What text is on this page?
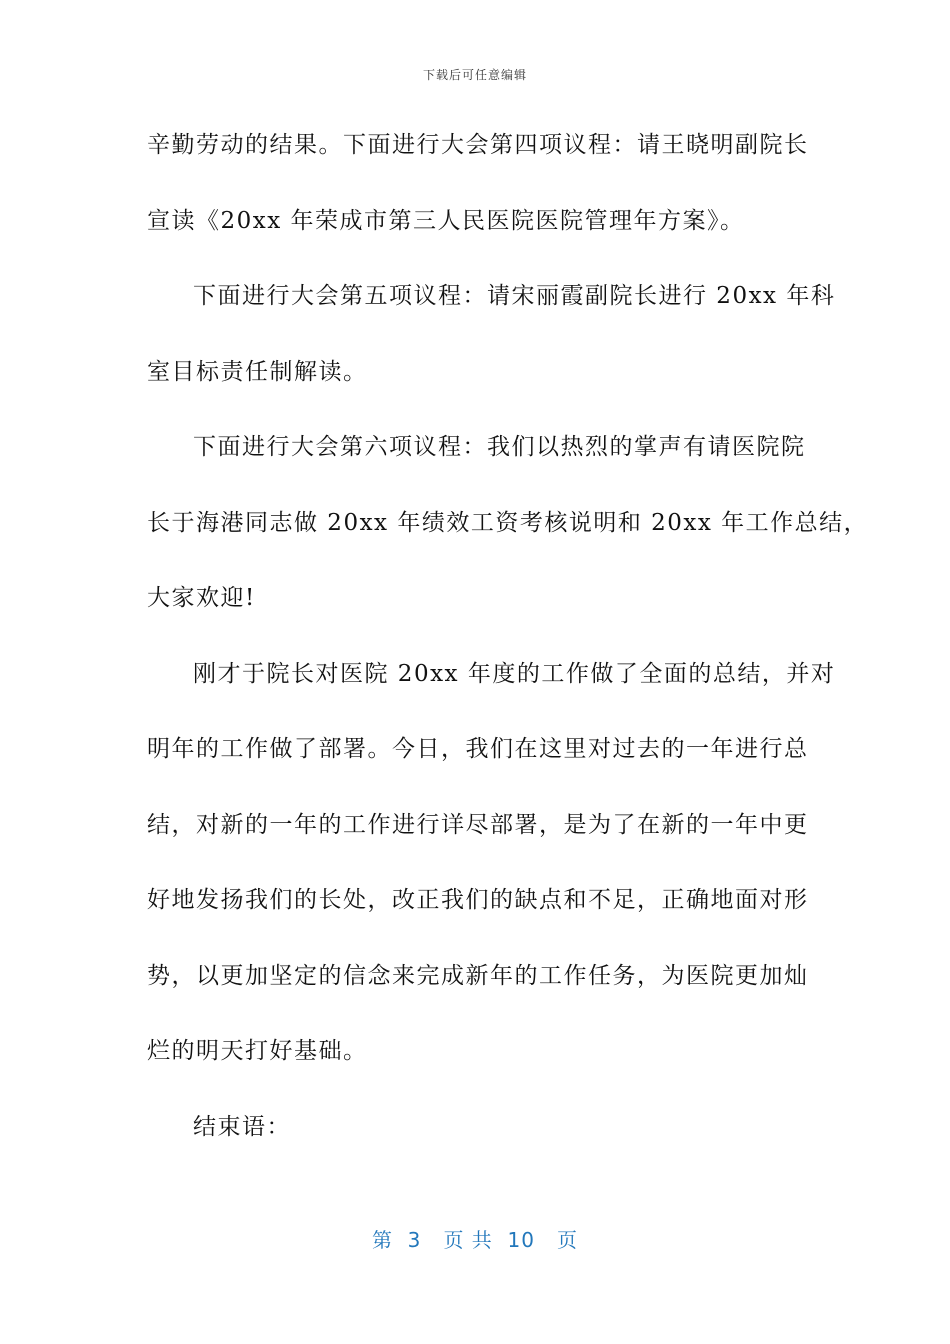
下载后可任意编辑
辛勤劳动的结果。下面进行大会第四项议程：请王晓明副院长
宣读《20xx 年荣成市第三人民医院医院管理年方案》。
下面进行大会第五项议程：请宋丽霞副院长进行 20xx 年科
室目标责任制解读。
下面进行大会第六项议程：我们以热烈的掌声有请医院院
长于海港同志做 20xx 年绩效工资考核说明和 20xx 年工作总结，
大家欢迎!
刚才于院长对医院 20xx 年度的工作做了全面的总结，并对
明年的工作做了部署。今日，我们在这里对过去的一年进行总
结，对新的一年的工作进行详尽部署，是为了在新的一年中更
好地发扬我们的长处，改正我们的缺点和不足，正确地面对形
势，以更加坚定的信念来完成新年的工作任务，为医院更加灿
烂的明天打好基础。
结束语：
第  3   页 共  10   页
